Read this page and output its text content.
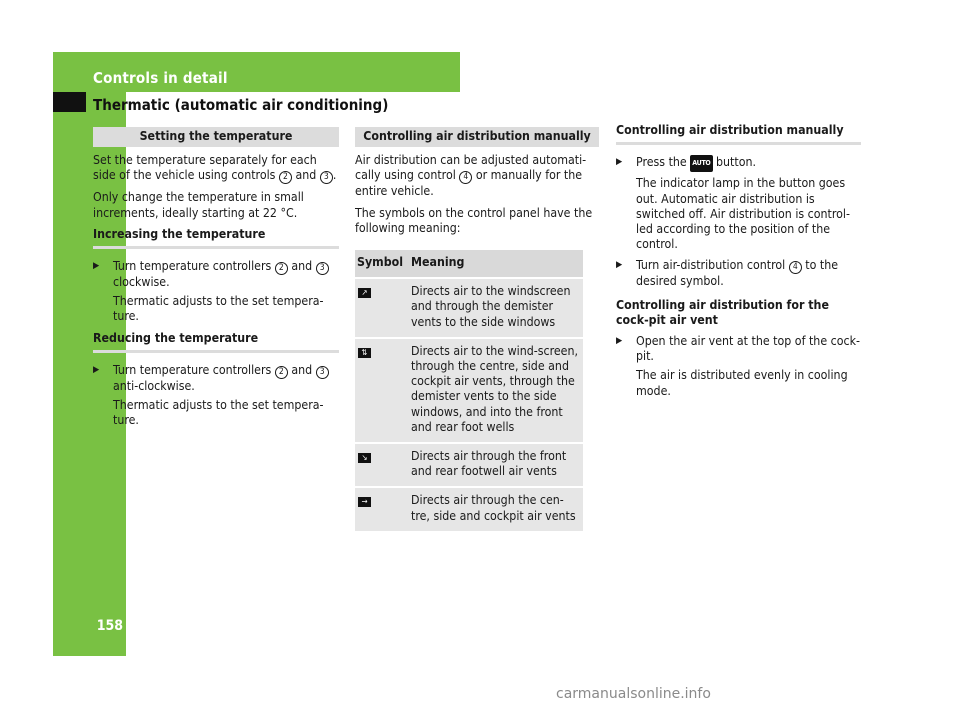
Controls in detail
Thermatic (automatic air conditioning)
158
Setting the temperature

Set the temperature separately for each side of the vehicle using controls 2 and 3 .

Only change the temperature in small increments, ideally starting at 22 °C.

Increasing the temperature
▶	Turn temperature controllers 2 and 3 clockwise.
Thermatic adjusts to the set tempera-ture.
Reducing the temperature
▶	Turn temperature controllers 2 and 3 anti-clockwise.
Thermatic adjusts to the set tempera-ture.
Controlling air distribution manually

Air distribution can be adjusted automati-cally using control 4 or manually for the entire vehicle.

The symbols on the control panel have the following meaning:

Symbol	Meaning
↗	Directs air to the windscreen and through the demister vents to the side windows
⇅	Directs air to the wind-screen, through the centre, side and cockpit air vents, through the demister vents to the side windows, and into the front and rear foot wells
↘	Directs air through the front and rear footwell air vents
→	Directs air through the cen-tre, side and cockpit air vents
Controlling air distribution manually
▶	Press the AUTO button.
The indicator lamp in the button goes out. Automatic air distribution is switched off. Air distribution is control-led according to the position of the control.
▶	Turn air-distribution control 4 to the desired symbol.
Controlling air distribution for the cock-pit air vent
▶	Open the air vent at the top of the cock-pit.
The air is distributed evenly in cooling mode.
carmanualsonline.info
